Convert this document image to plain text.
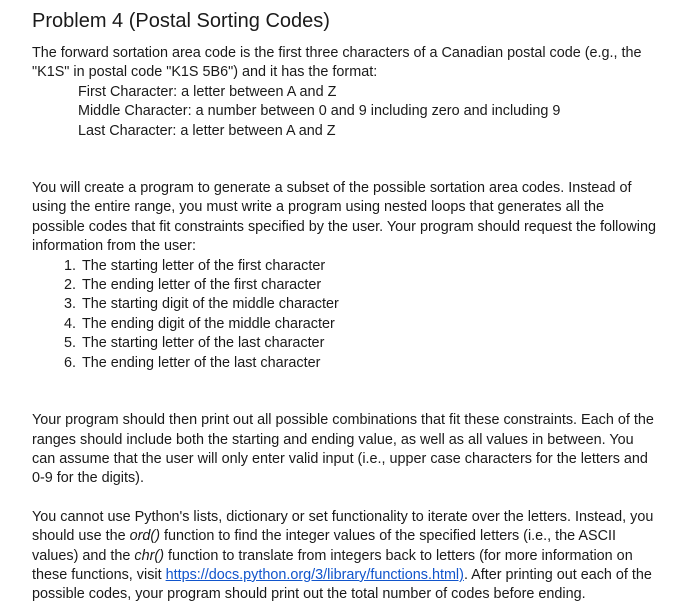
Problem 4 (Postal Sorting Codes)

The forward sortation area code is the first three characters of a Canadian postal code (e.g., the "K1S" in postal code "K1S 5B6") and it has the format:

First Character: a letter between A and Z
Middle Character: a number between 0 and 9 including zero and including 9
Last Character: a letter between A and Z

You will create a program to generate a subset of the possible sortation area codes. Instead of using the entire range, you must write a program using nested loops that generates all the possible codes that fit constraints specified by the user. Your program should request the following information from the user:

1. The starting letter of the first character
2. The ending letter of the first character
3. The starting digit of the middle character
4. The ending digit of the middle character
5. The starting letter of the last character
6. The ending letter of the last character

Your program should then print out all possible combinations that fit these constraints. Each of the ranges should include both the starting and ending value, as well as all values in between. You can assume that the user will only enter valid input (i.e., upper case characters for the letters and 0-9 for the digits).

You cannot use Python's lists, dictionary or set functionality to iterate over the letters. Instead, you should use the ord() function to find the integer values of the specified letters (i.e., the ASCII values) and the chr() function to translate from integers back to letters (for more information on these functions, visit https://docs.python.org/3/library/functions.html). After printing out each of the possible codes, your program should print out the total number of codes before ending.
